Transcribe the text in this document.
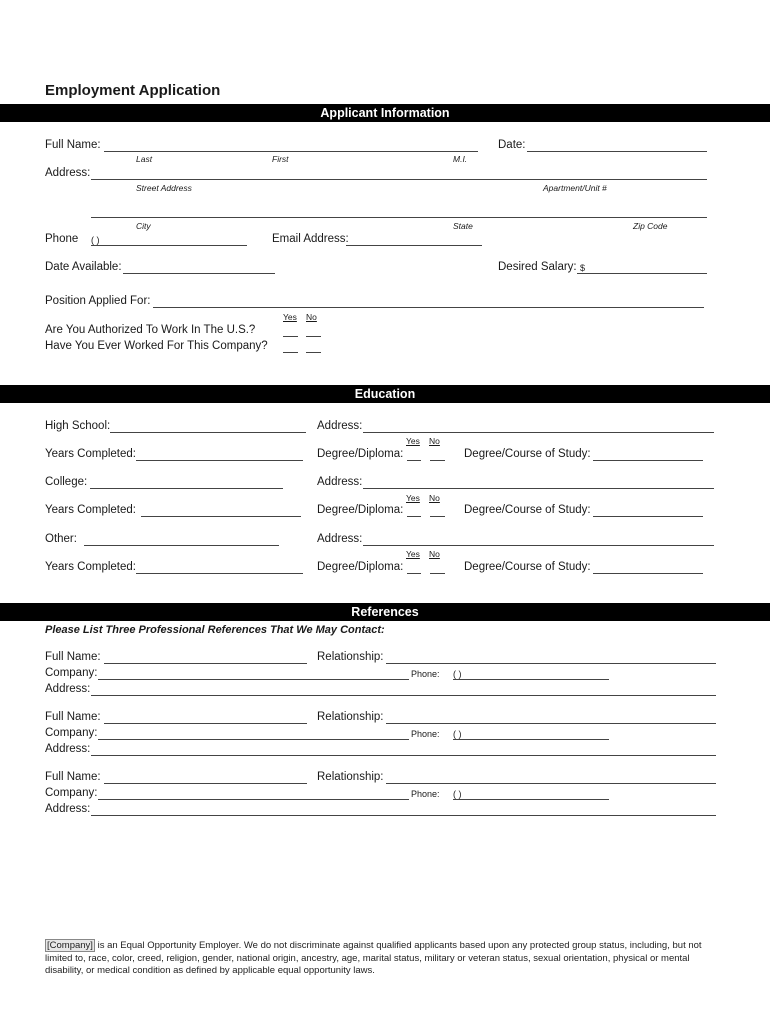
Employment Application
Applicant Information
Full Name:	Date:
Last	First	M.I.
Address:
Street Address	Apartment/Unit #
City	State	Zip Code
Phone ( )	Email Address:
Date Available:	Desired Salary: $
Position Applied For:
Yes No
Are You Authorized To Work In The U.S.?
Have You Ever Worked For This Company?
Education
High School:	Address:
Yes No
Years Completed:	Degree/Diploma:	Degree/Course of Study:
College:	Address:
Yes No
Years Completed:	Degree/Diploma:	Degree/Course of Study:
Other:	Address:
Yes No
Years Completed:	Degree/Diploma:	Degree/Course of Study:
References
Please List Three Professional References That We May Contact:
Full Name:	Relationship:
Company:	Phone: ( )
Address:
Full Name:	Relationship:
Company:	Phone: ( )
Address:
Full Name:	Relationship:
Company:	Phone: ( )
Address:
[Company] is an Equal Opportunity Employer. We do not discriminate against qualified applicants based upon any protected group status, including, but not limited to, race, color, creed, religion, gender, national origin, ancestry, age, marital status, military or veteran status, sexual orientation, physical or mental disability, or medical condition as defined by applicable equal opportunity laws.
